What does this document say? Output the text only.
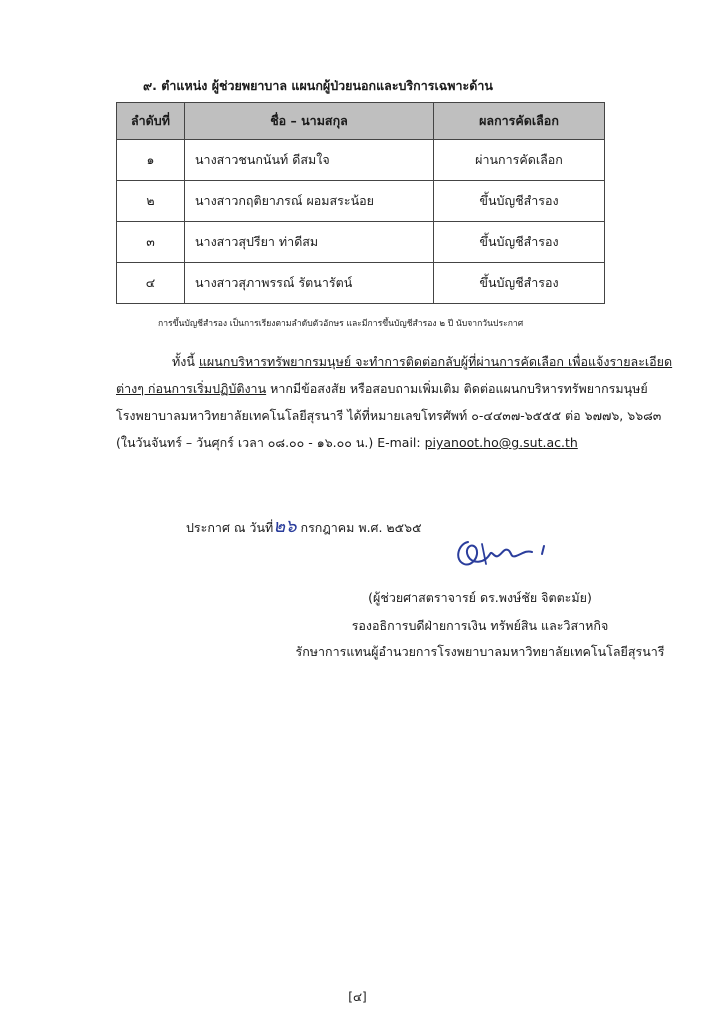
๙. ตำแหน่ง ผู้ช่วยพยาบาล แผนกผู้ป่วยนอกและบริการเฉพาะด้าน
ลำดับที่	ชื่อ – นามสกุล	ผลการคัดเลือก
๑	นางสาวชนกนันท์ ดีสมใจ	ผ่านการคัดเลือก
๒	นางสาวกฤติยาภรณ์ ผอมสระน้อย	ขึ้นบัญชีสำรอง
๓	นางสาวสุปรียา ท่าดีสม	ขึ้นบัญชีสำรอง
๔	นางสาวสุภาพรรณ์ รัตนารัตน์	ขึ้นบัญชีสำรอง
การขึ้นบัญชีสำรอง เป็นการเรียงตามลำดับตัวอักษร และมีการขึ้นบัญชีสำรอง ๒ ปี นับจากวันประกาศ
ทั้งนี้ แผนกบริหารทรัพยากรมนุษย์ จะทำการติดต่อกลับผู้ที่ผ่านการคัดเลือก เพื่อแจ้งรายละเอียด
ต่างๆ ก่อนการเริ่มปฏิบัติงาน หากมีข้อสงสัย หรือสอบถามเพิ่มเติม ติดต่อแผนกบริหารทรัพยากรมนุษย์
โรงพยาบาลมหาวิทยาลัยเทคโนโลยีสุรนารี ได้ที่หมายเลขโทรศัพท์ ๐-๔๔๓๗-๖๕๕๕ ต่อ ๖๗๗๖, ๖๖๘๓
(ในวันจันทร์ – วันศุกร์ เวลา ๐๘.๐๐ - ๑๖.๐๐ น.) E-mail: piyanoot.ho@g.sut.ac.th
ประกาศ ณ วันที่๒๖ กรกฎาคม พ.ศ. ๒๕๖๕
(ผู้ช่วยศาสตราจารย์ ดร.พงษ์ชัย จิตตะมัย)
รองอธิการบดีฝ่ายการเงิน ทรัพย์สิน และวิสาหกิจ
รักษาการแทนผู้อำนวยการโรงพยาบาลมหาวิทยาลัยเทคโนโลยีสุรนารี
[๔]
